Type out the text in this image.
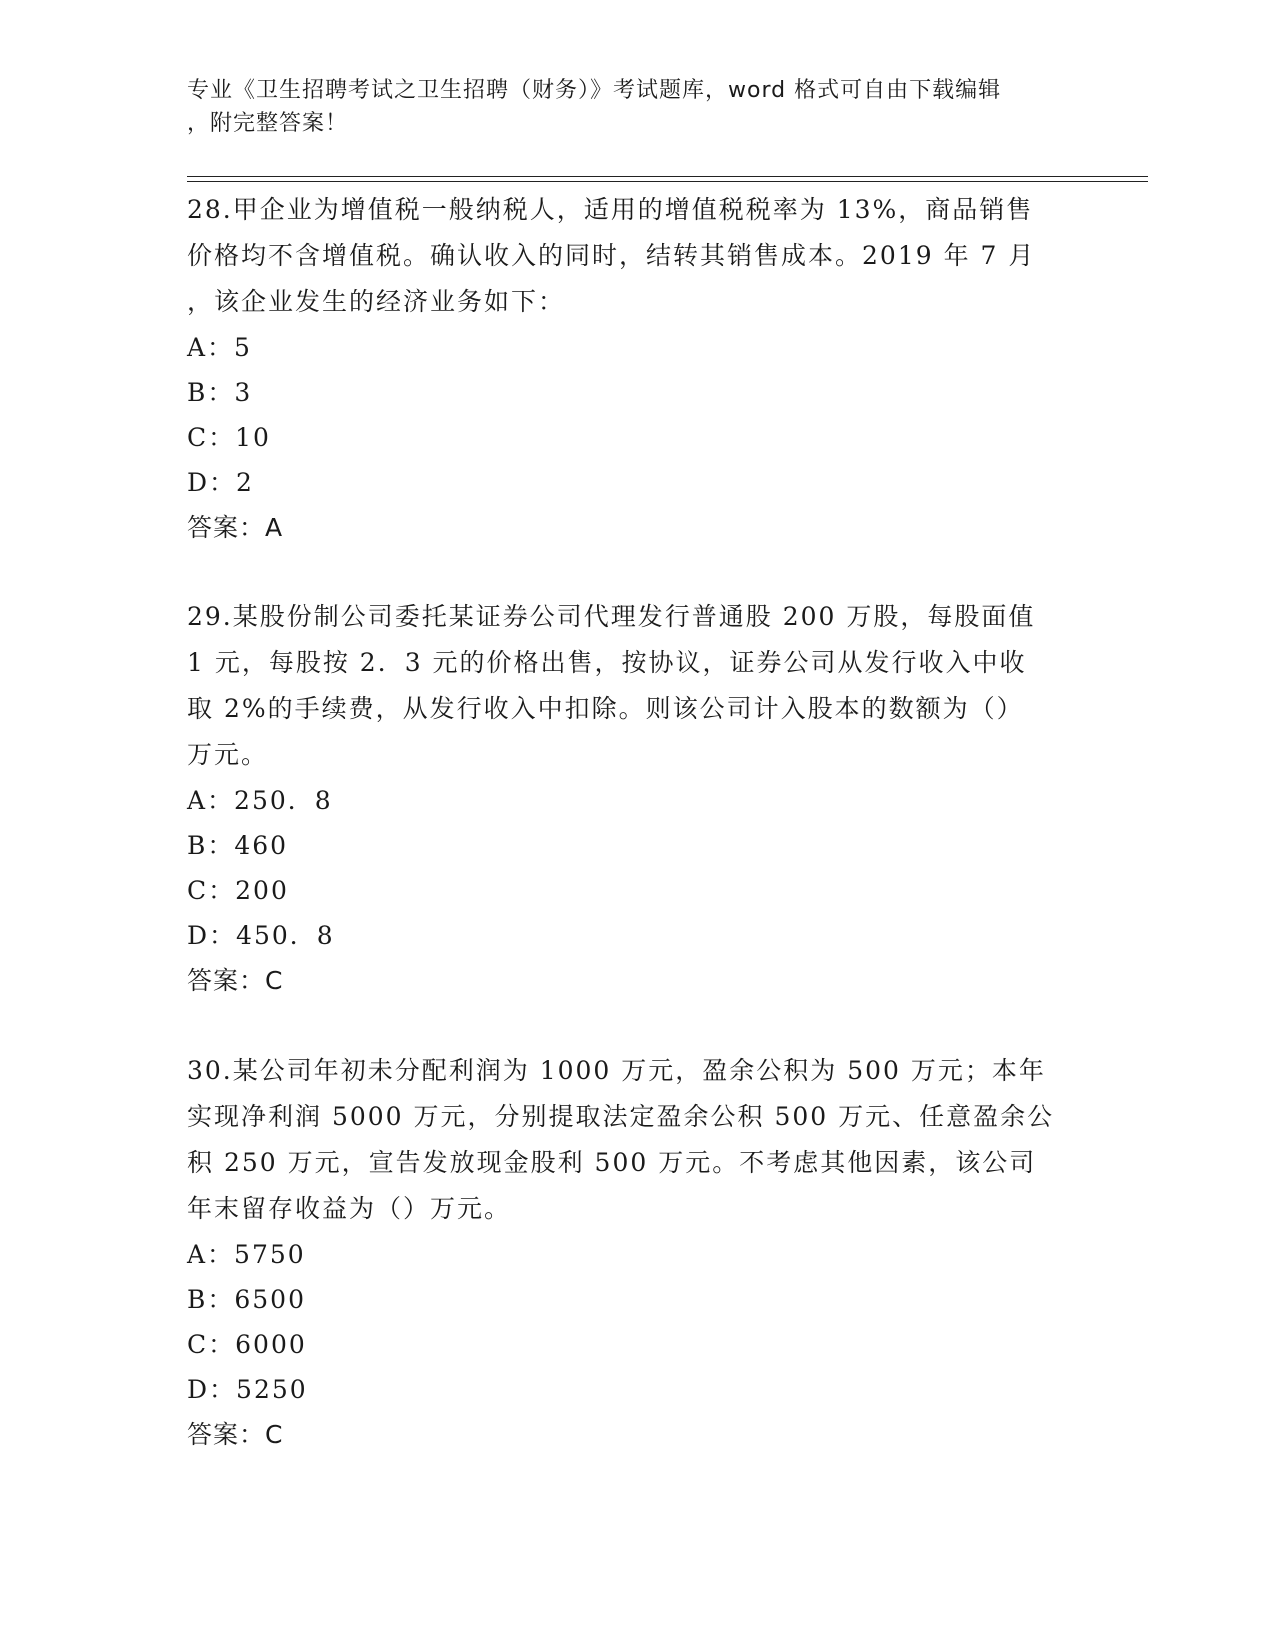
专业《卫生招聘考试之卫生招聘（财务）》考试题库，word 格式可自由下载编辑
，附完整答案！

28.甲企业为增值税一般纳税人，适用的增值税税率为 13%，商品销售

价格均不含增值税。确认收入的同时，结转其销售成本。2019 年 7 月

，该企业发生的经济业务如下：

A：5

B：3

C：10

D：2

答案：A

29.某股份制公司委托某证券公司代理发行普通股 200 万股，每股面值

1 元，每股按 2．3 元的价格出售，按协议，证券公司从发行收入中收

取 2%的手续费，从发行收入中扣除。则该公司计入股本的数额为（）

万元。

A：250．8

B：460

C：200

D：450．8

答案：C

30.某公司年初未分配利润为 1000 万元，盈余公积为 500 万元；本年

实现净利润 5000 万元，分别提取法定盈余公积 500 万元、任意盈余公

积 250 万元，宣告发放现金股利 500 万元。不考虑其他因素，该公司

年末留存收益为（）万元。

A：5750

B：6500

C：6000

D：5250

答案：C
